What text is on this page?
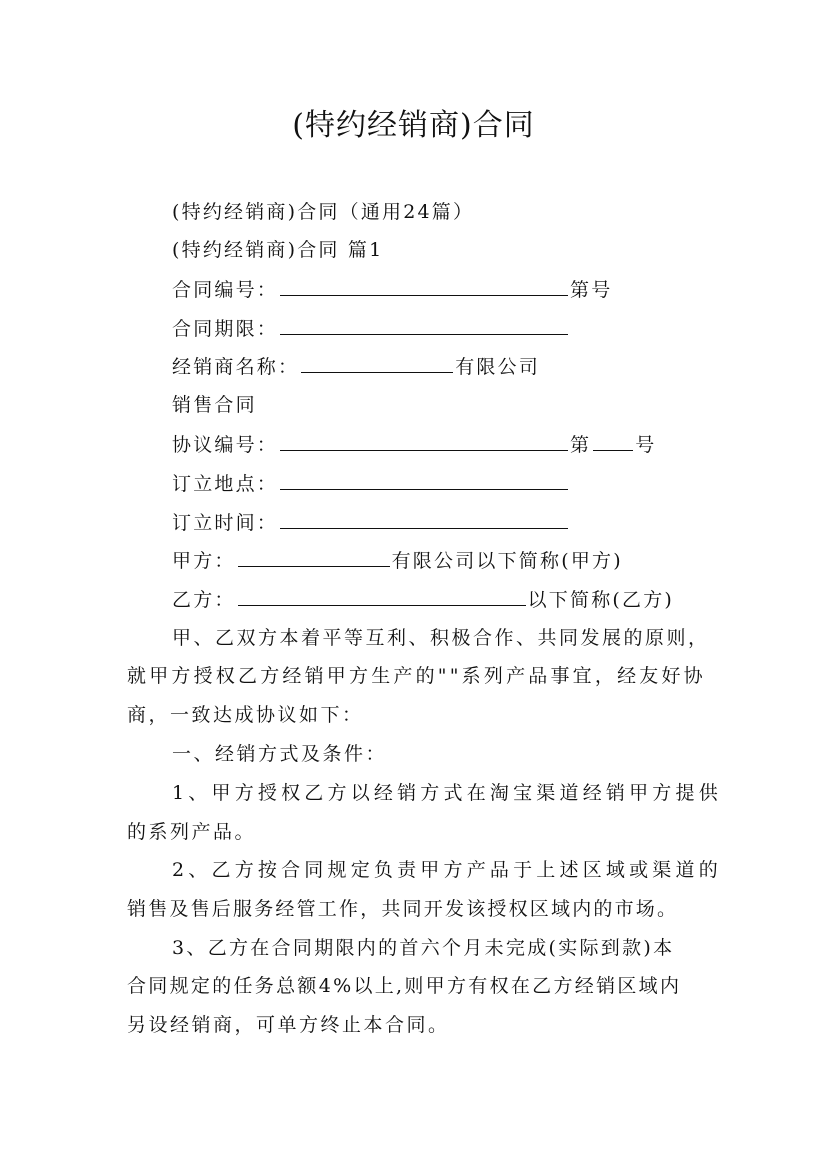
(特约经销商)合同
(特约经销商)合同（通用24篇）
(特约经销商)合同 篇1
合同编号：	第号
合同期限：
经销商名称：	有限公司
销售合同
协议编号：	第 号
订立地点：
订立时间：
甲方：	有限公司以下简称(甲方)
乙方：	以下简称(乙方)
甲、乙双方本着平等互利、积极合作、共同发展的原则，
就甲方授权乙方经销甲方生产的""系列产品事宜，经友好协
商，一致达成协议如下：
一、经销方式及条件：
1、甲方授权乙方以经销方式在淘宝渠道经销甲方提供
的系列产品。
2、乙方按合同规定负责甲方产品于上述区域或渠道的
销售及售后服务经管工作，共同开发该授权区域内的市场。
3、乙方在合同期限内的首六个月未完成(实际到款)本
合同规定的任务总额4%以上,则甲方有权在乙方经销区域内
另设经销商，可单方终止本合同。
